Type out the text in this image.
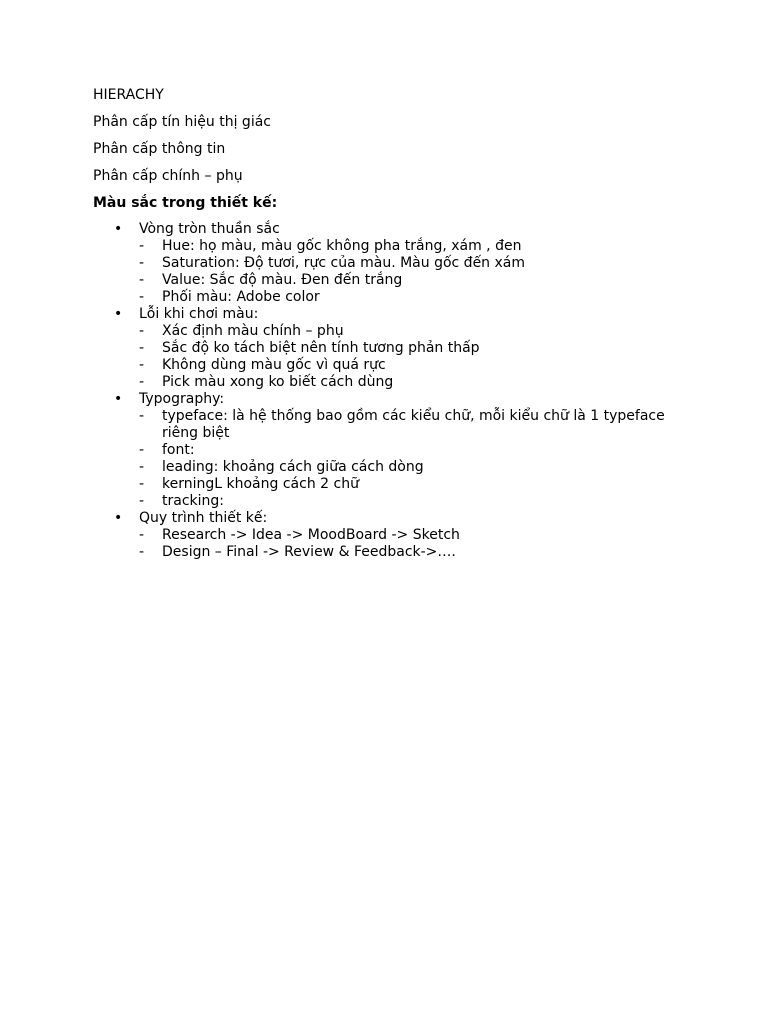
HIERACHY

Phân cấp tín hiệu thị giác

Phân cấp thông tin

Phân cấp chính – phụ

Màu sắc trong thiết kế:

• Vòng tròn thuần sắc
- Hue: họ màu, màu gốc không pha trắng, xám , đen
- Saturation: Độ tươi, rực của màu. Màu gốc đến xám
- Value: Sắc độ màu. Đen đến trắng
- Phối màu: Adobe color
• Lỗi khi chơi màu:
- Xác định màu chính – phụ
- Sắc độ ko tách biệt nên tính tương phản thấp
- Không dùng màu gốc vì quá rực
- Pick màu xong ko biết cách dùng
• Typography:
- typeface: là hệ thống bao gồm các kiểu chữ, mỗi kiểu chữ là 1 typeface riêng biệt
- font:
- leading: khoảng cách giữa cách dòng
- kerningL khoảng cách 2 chữ
- tracking:
• Quy trình thiết kế:
- Research -> Idea -> MoodBoard -> Sketch
- Design – Final -> Review & Feedback->….
